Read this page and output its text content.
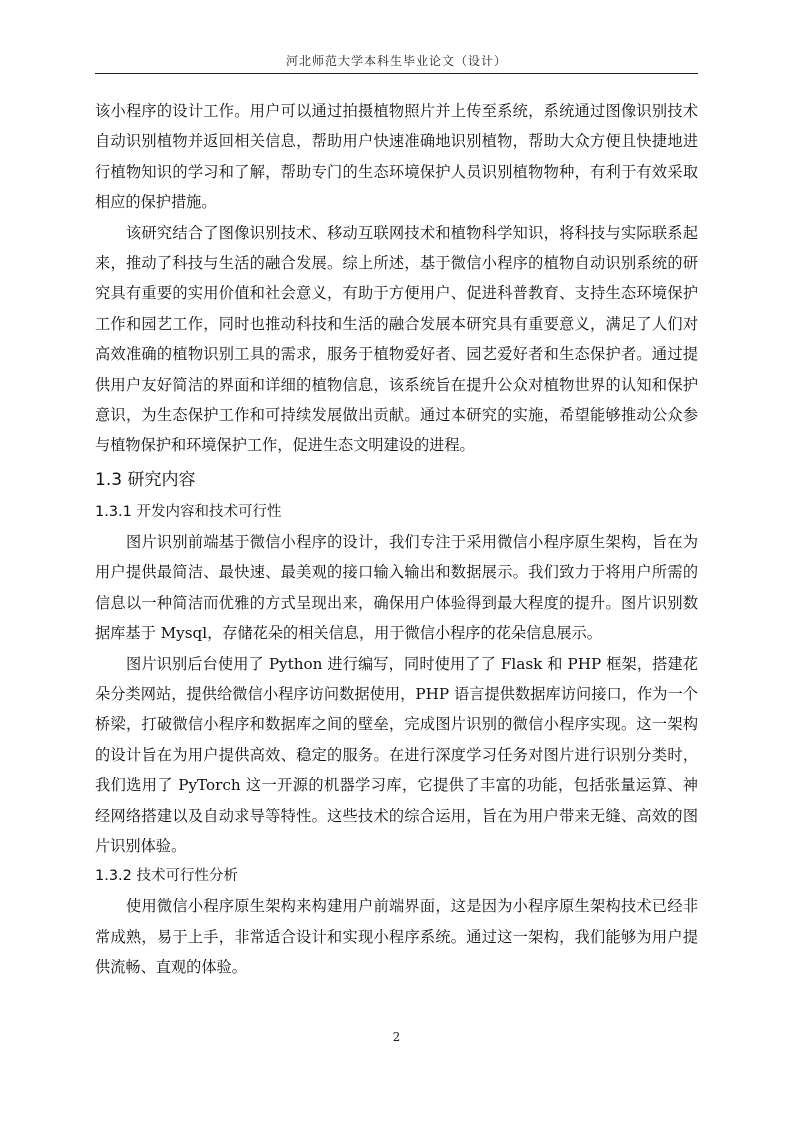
河北师范大学本科生毕业论文（设计）

该小程序的设计工作。用户可以通过拍摄植物照片并上传至系统，系统通过图像识别技术自动识别植物并返回相关信息，帮助用户快速准确地识别植物，帮助大众方便且快捷地进行植物知识的学习和了解，帮助专门的生态环境保护人员识别植物物种，有利于有效采取相应的保护措施。

该研究结合了图像识别技术、移动互联网技术和植物科学知识，将科技与实际联系起来，推动了科技与生活的融合发展。综上所述，基于微信小程序的植物自动识别系统的研究具有重要的实用价值和社会意义，有助于方便用户、促进科普教育、支持生态环境保护工作和园艺工作，同时也推动科技和生活的融合发展本研究具有重要意义，满足了人们对高效准确的植物识别工具的需求，服务于植物爱好者、园艺爱好者和生态保护者。通过提供用户友好简洁的界面和详细的植物信息，该系统旨在提升公众对植物世界的认知和保护意识，为生态保护工作和可持续发展做出贡献。通过本研究的实施，希望能够推动公众参与植物保护和环境保护工作，促进生态文明建设的进程。

1.3 研究内容
1.3.1 开发内容和技术可行性

图片识别前端基于微信小程序的设计，我们专注于采用微信小程序原生架构，旨在为用户提供最简洁、最快速、最美观的接口输入输出和数据展示。我们致力于将用户所需的信息以一种简洁而优雅的方式呈现出来，确保用户体验得到最大程度的提升。图片识别数据库基于 Mysql，存储花朵的相关信息，用于微信小程序的花朵信息展示。

图片识别后台使用了 Python 进行编写，同时使用了了 Flask 和 PHP 框架，搭建花朵分类网站，提供给微信小程序访问数据使用，PHP 语言提供数据库访问接口，作为一个桥梁，打破微信小程序和数据库之间的壁垒，完成图片识别的微信小程序实现。这一架构的设计旨在为用户提供高效、稳定的服务。在进行深度学习任务对图片进行识别分类时，我们选用了 PyTorch 这一开源的机器学习库，它提供了丰富的功能，包括张量运算、神经网络搭建以及自动求导等特性。这些技术的综合运用，旨在为用户带来无缝、高效的图片识别体验。

1.3.2 技术可行性分析

使用微信小程序原生架构来构建用户前端界面，这是因为小程序原生架构技术已经非常成熟，易于上手，非常适合设计和实现小程序系统。通过这一架构，我们能够为用户提供流畅、直观的体验。

2
